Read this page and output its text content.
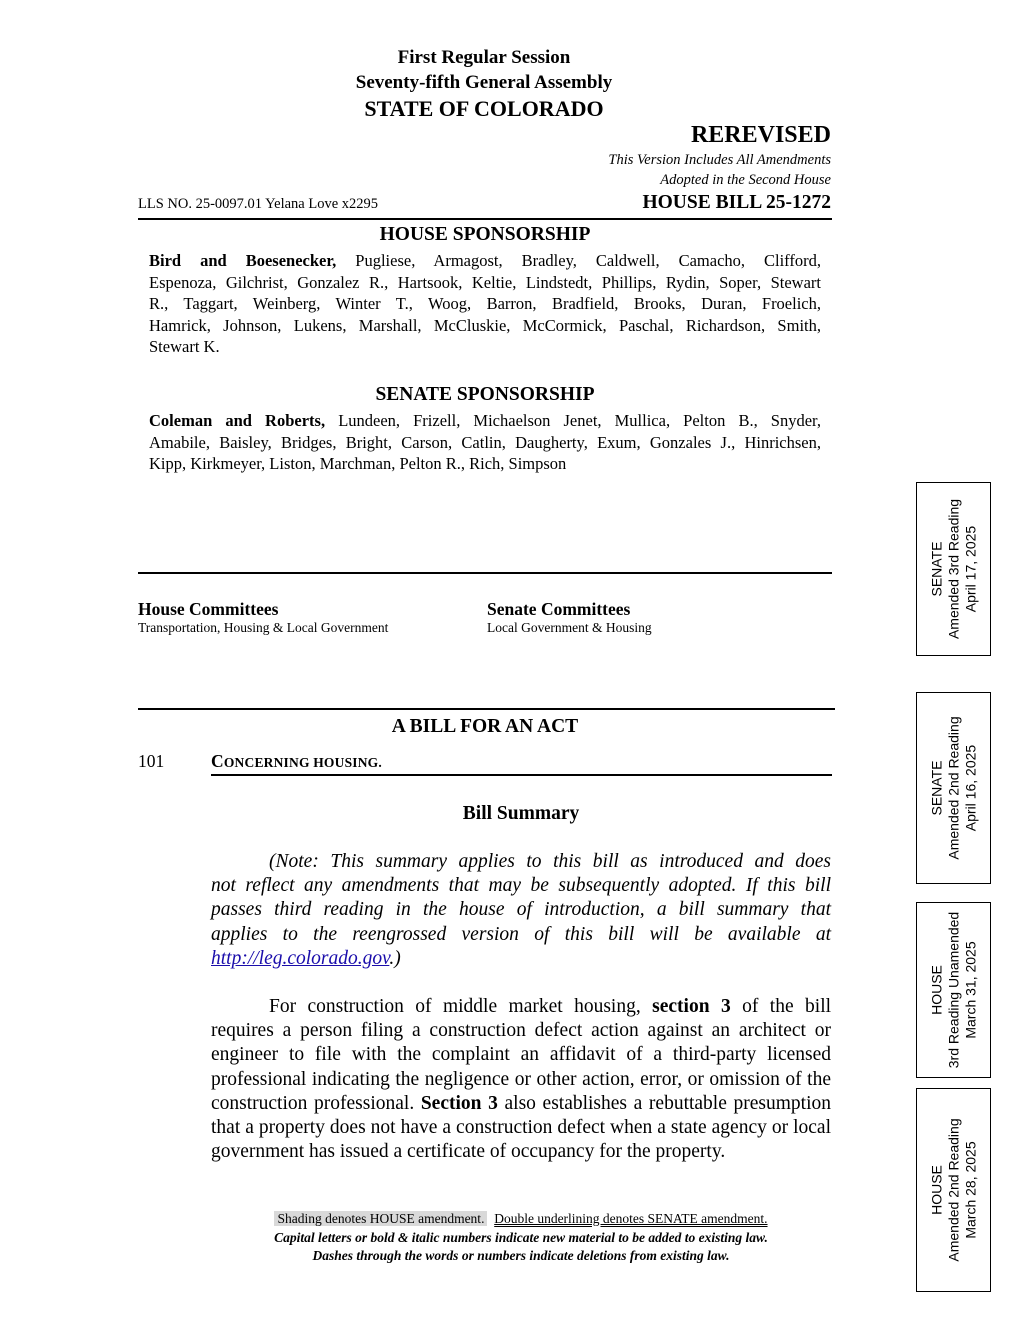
First Regular Session
Seventy-fifth General Assembly
STATE OF COLORADO
REREVISED
This Version Includes All Amendments
Adopted in the Second House
LLS NO. 25-0097.01 Yelana Love x2295	HOUSE BILL 25-1272
HOUSE SPONSORSHIP
Bird and Boesenecker, Pugliese, Armagost, Bradley, Caldwell, Camacho, Clifford,
Espenoza, Gilchrist, Gonzalez R., Hartsook, Keltie, Lindstedt, Phillips, Rydin, Soper, Stewart
R., Taggart, Weinberg, Winter T., Woog, Barron, Bradfield, Brooks, Duran, Froelich,
Hamrick, Johnson, Lukens, Marshall, McCluskie, McCormick, Paschal, Richardson, Smith,
Stewart K.
SENATE SPONSORSHIP
Coleman and Roberts, Lundeen, Frizell, Michaelson Jenet, Mullica, Pelton B., Snyder,
Amabile, Baisley, Bridges, Bright, Carson, Catlin, Daugherty, Exum, Gonzales J., Hinrichsen,
Kipp, Kirkmeyer, Liston, Marchman, Pelton R., Rich, Simpson
House Committees
Transportation, Housing & Local Government
Senate Committees
Local Government & Housing
A BILL FOR AN ACT
101	CONCERNING HOUSING.
Bill Summary
(Note: This summary applies to this bill as introduced and does
not reflect any amendments that may be subsequently adopted. If this bill
passes third reading in the house of introduction, a bill summary that
applies to the reengrossed version of this bill will be available at
http://leg.colorado.gov.)
For construction of middle market housing, section 3 of the bill requires a person filing a construction defect action against an architect or engineer to file with the complaint an affidavit of a third-party licensed professional indicating the negligence or other action, error, or omission of the construction professional. Section 3 also establishes a rebuttable presumption that a property does not have a construction defect when a state agency or local government has issued a certificate of occupancy for the property.
Shading denotes HOUSE amendment. Double underlining denotes SENATE amendment.
Capital letters or bold & italic numbers indicate new material to be added to existing law.
Dashes through the words or numbers indicate deletions from existing law.
SENATE Amended 3rd Reading April 17, 2025
SENATE Amended 2nd Reading April 16, 2025
HOUSE 3rd Reading Unamended March 31, 2025
HOUSE Amended 2nd Reading March 28, 2025
